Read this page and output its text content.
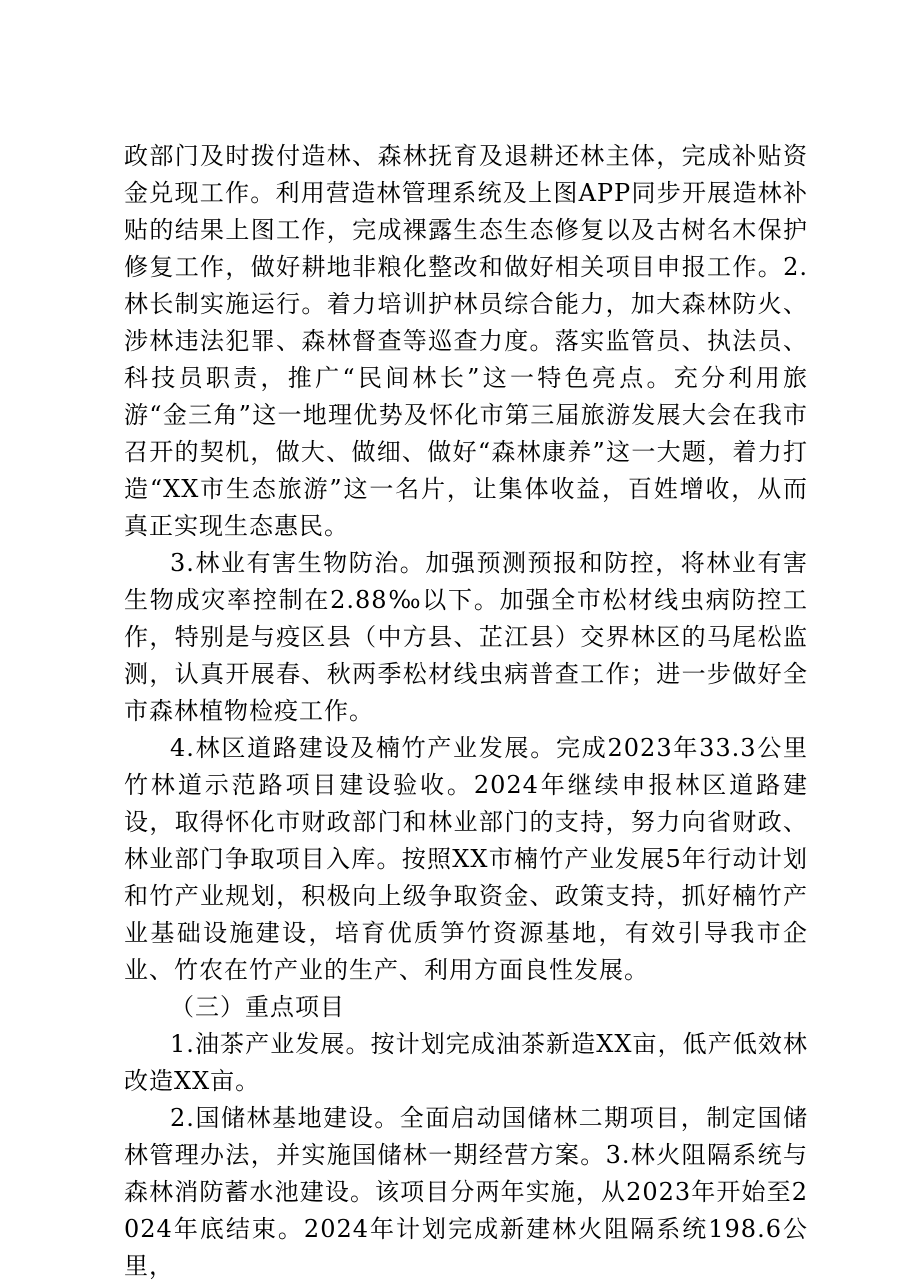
政部门及时拨付造林、森林抚育及退耕还林主体，完成补贴资金兑现工作。利用营造林管理系统及上图APP同步开展造林补贴的结果上图工作，完成裸露生态生态修复以及古树名木保护修复工作，做好耕地非粮化整改和做好相关项目申报工作。2.林长制实施运行。着力培训护林员综合能力，加大森林防火、涉林违法犯罪、森林督查等巡查力度。落实监管员、执法员、科技员职责，推广“民间林长”这一特色亮点。充分利用旅游“金三角”这一地理优势及怀化市第三届旅游发展大会在我市召开的契机，做大、做细、做好“森林康养”这一大题，着力打造“XX市生态旅游”这一名片，让集体收益，百姓增收，从而真正实现生态惠民。

3.林业有害生物防治。加强预测预报和防控，将林业有害生物成灾率控制在2.88‰以下。加强全市松材线虫病防控工作，特别是与疫区县（中方县、芷江县）交界林区的马尾松监测，认真开展春、秋两季松材线虫病普查工作；进一步做好全市森林植物检疫工作。

4.林区道路建设及楠竹产业发展。完成2023年33.3公里竹林道示范路项目建设验收。2024年继续申报林区道路建设，取得怀化市财政部门和林业部门的支持，努力向省财政、林业部门争取项目入库。按照XX市楠竹产业发展5年行动计划和竹产业规划，积极向上级争取资金、政策支持，抓好楠竹产业基础设施建设，培育优质笋竹资源基地，有效引导我市企业、竹农在竹产业的生产、利用方面良性发展。

（三）重点项目

1.油茶产业发展。按计划完成油茶新造XX亩，低产低效林改造XX亩。

2.国储林基地建设。全面启动国储林二期项目，制定国储林管理办法，并实施国储林一期经营方案。3.林火阻隔系统与森林消防蓄水池建设。该项目分两年实施，从2023年开始至2024年底结束。2024年计划完成新建林火阻隔系统198.6公里，
